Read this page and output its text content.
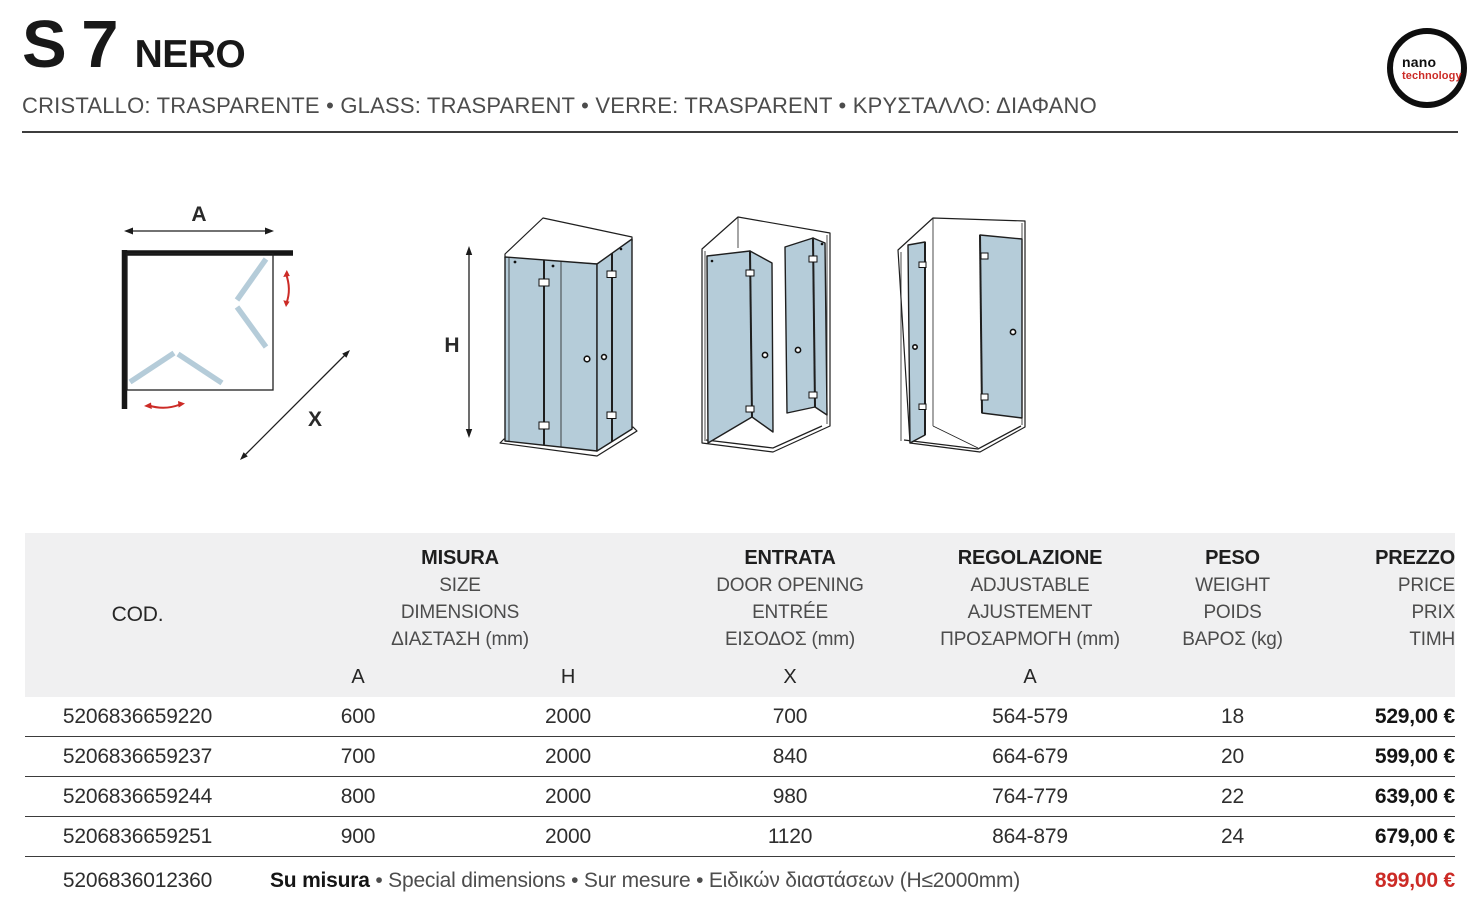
S 7 NERO
CRISTALLO: TRASPARENTE • GLASS: TRASPARENT • VERRE: TRASPARENT • ΚΡΥΣΤΑΛΛΟ: ΔΙΑΦΑΝΟ
nano
technology
A
X
H
COD.
MISURA
SIZE
DIMENSIONS
ΔΙΑΣΤΑΣΗ (mm)
ENTRATA
DOOR OPENING
ENTRÉE
ΕΙΣΟΔΟΣ (mm)
REGOLAZIONE
ADJUSTABLE
AJUSTEMENT
ΠΡΟΣΑΡΜΟΓΗ (mm)
PESO
WEIGHT
POIDS
ΒΑΡΟΣ (kg)
PREZZO
PRICE
PRIX
ΤΙΜΗ
A	H	X	A
5206836659220	600	2000	700	564-579	18	529,00 €
5206836659237	700	2000	840	664-679	20	599,00 €
5206836659244	800	2000	980	764-779	22	639,00 €
5206836659251	900	2000	1120	864-879	24	679,00 €
5206836012360	Su misura • Special dimensions • Sur mesure • Ειδικών διαστάσεων (H≤2000mm)	899,00 €
